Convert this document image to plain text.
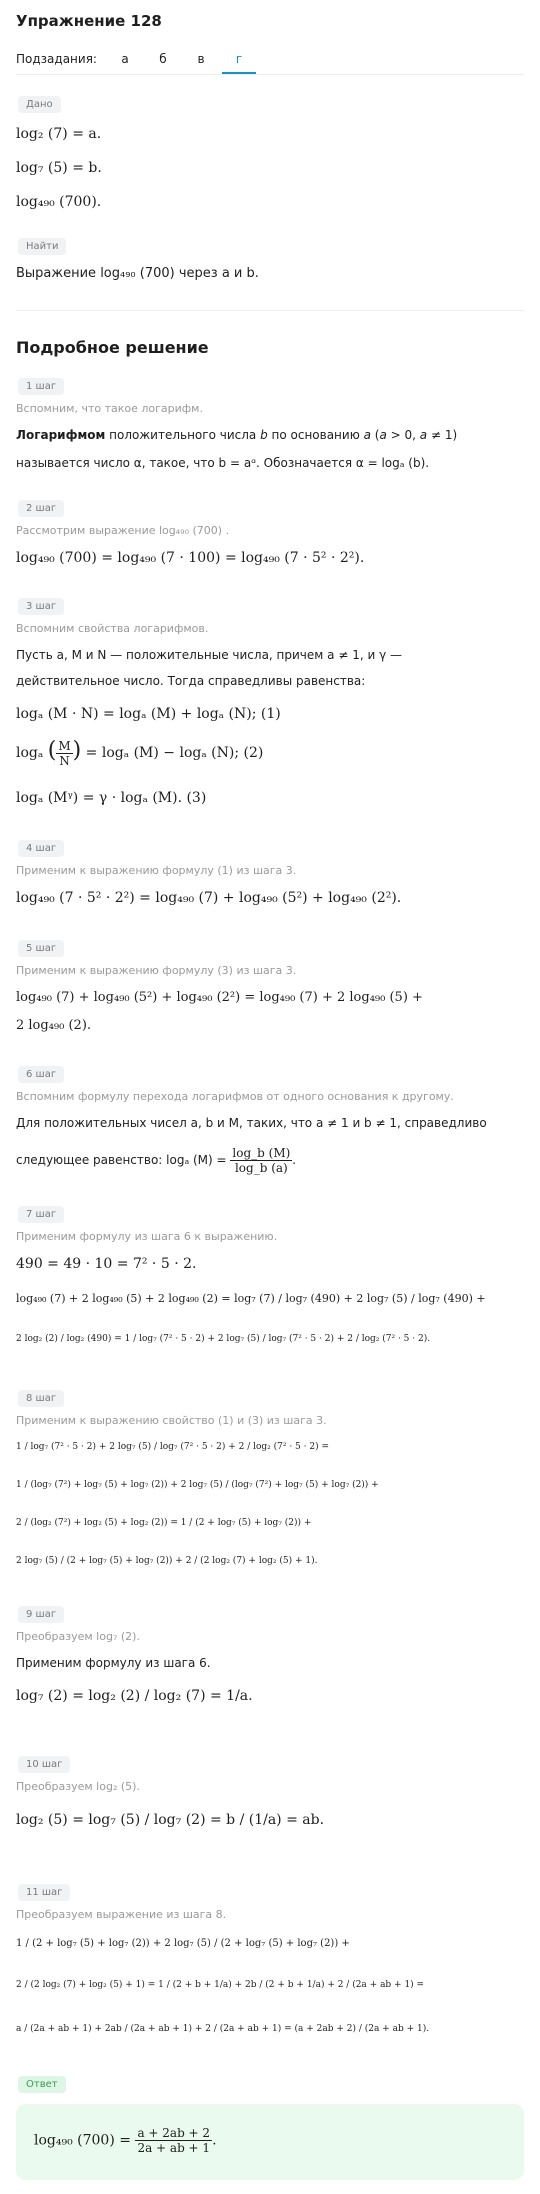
Упражнение 128
Подзадания:	а	б	в	г
Дано
log₂ (7) = a.
log₇ (5) = b.
log₄₉₀ (700).
Найти
Выражение log₄₉₀ (700) через a и b.
Подробное решение
1 шаг
Вспомним, что такое логарифм.
Логарифмом положительного числа b по основанию a (a > 0, a ≠ 1)
называется число α, такое, что b = aᵅ. Обозначается α = logₐ (b).
2 шаг
Рассмотрим выражение log₄₉₀ (700) .
log₄₉₀ (700) = log₄₉₀ (7 · 100) = log₄₉₀ (7 · 5² · 2²).
3 шаг
Вспомним свойства логарифмов.
Пусть a, M и N — положительные числа, причем a ≠ 1, и γ —
действительное число. Тогда справедливы равенства:
logₐ (M · N) = logₐ (M) + logₐ (N); (1)
logₐ ( $\frac{M}{N}$ ) = logₐ (M) − logₐ (N); (2)
logₐ (Mᵞ) = γ · logₐ (M). (3)
4 шаг
Применим к выражению формулу (1) из шага 3.
log₄₉₀ (7 · 5² · 2²) = log₄₉₀ (7) + log₄₉₀ (5²) + log₄₉₀ (2²).
5 шаг
Применим к выражению формулу (3) из шага 3.
log₄₉₀ (7) + log₄₉₀ (5²) + log₄₉₀ (2²) = log₄₉₀ (7) + 2 log₄₉₀ (5) +
2 log₄₉₀ (2).
6 шаг
Вспомним формулу перехода логарифмов от одного основания к другому.
Для положительных чисел a, b и M, таких, что a ≠ 1 и b ≠ 1, справедливо
следующее равенство: logₐ $(M) = \frac{\log\_b (M)}{\log\_b (a)}$ .
7 шаг
Применим формулу из шага 6 к выражению.
490 = 49 · 10 = 7² · 5 · 2.
log₄₉₀ (7) + 2 log₄₉₀ (5) + 2 log₄₉₀ (2) = log₇ (7) / log₇ (490) + 2 log₇ (5) / log₇ (490) +
2 log₂ (2) / log₂ (490) = 1 / log₇ (7² · 5 · 2) + 2 log₇ (5) / log₇ (7² · 5 · 2) + 2 / log₂ (7² · 5 · 2).
8 шаг
Применим к выражению свойство (1) и (3) из шага 3.
1 / log₇ (7² · 5 · 2) + 2 log₇ (5) / log₇ (7² · 5 · 2) + 2 / log₂ (7² · 5 · 2) =
1 / (log₇ (7²) + log₇ (5) + log₇ (2)) + 2 log₇ (5) / (log₇ (7²) + log₇ (5) + log₇ (2)) +
2 / (log₂ (7²) + log₂ (5) + log₂ (2)) = 1 / (2 + log₇ (5) + log₇ (2)) +
2 log₇ (5) / (2 + log₇ (5) + log₇ (2)) + 2 / (2 log₂ (7) + log₂ (5) + 1).
9 шаг
Преобразуем log₇ (2).
Применим формулу из шага 6.
log₇ (2) = log₂ (2) / log₂ (7) = 1/a.
10 шаг
Преобразуем log₂ (5).
log₂ (5) = log₇ (5) / log₇ (2) = b / (1/a) = ab.
11 шаг
Преобразуем выражение из шага 8.
1 / (2 + log₇ (5) + log₇ (2)) + 2 log₇ (5) / (2 + log₇ (5) + log₇ (2)) +
2 / (2 log₂ (7) + log₂ (5) + 1) = 1 / (2 + b + 1/a) + 2b / (2 + b + 1/a) + 2 / (2a + ab + 1) =
a / (2a + ab + 1) + 2ab / (2a + ab + 1) + 2 / (2a + ab + 1) = (a + 2ab + 2) / (2a + ab + 1).
Ответ
log₄₉₀ $(700) = \frac{a + 2ab + 2}{2a + ab + 1}$ .
